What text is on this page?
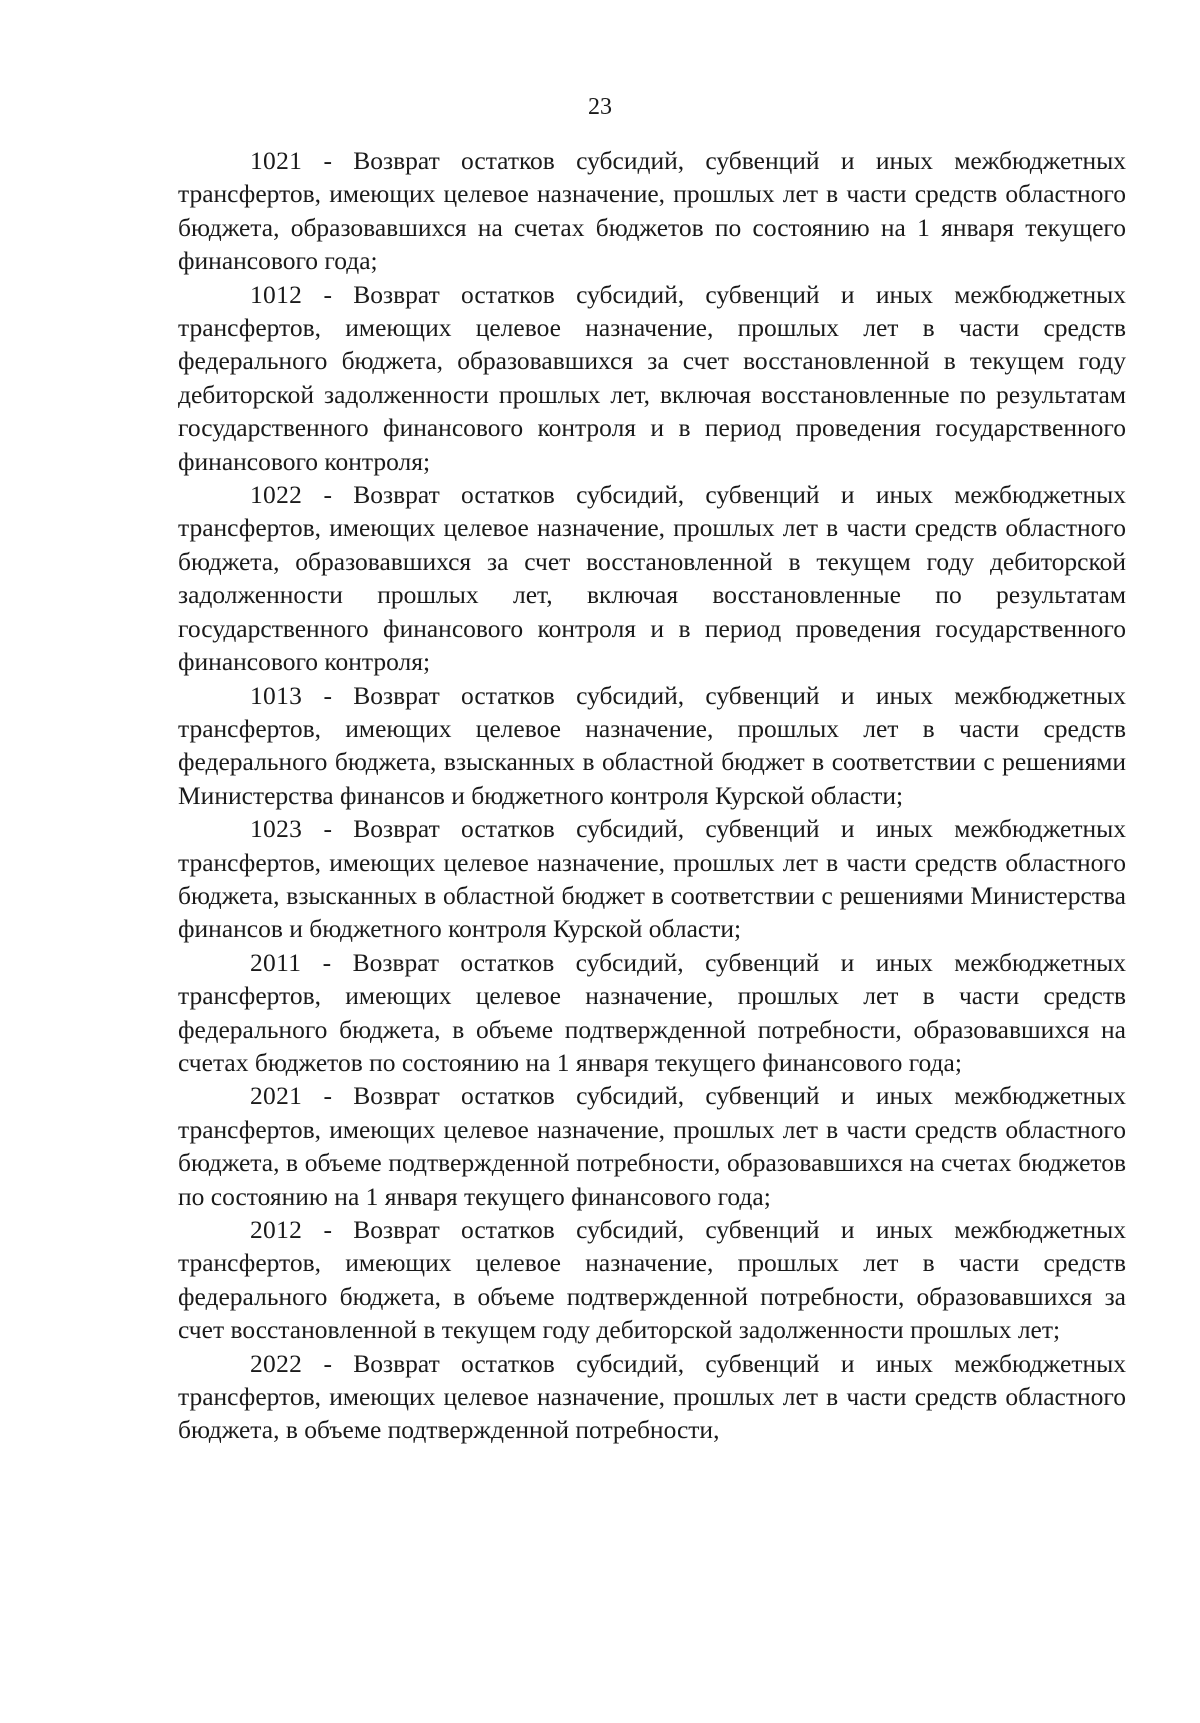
23

1021 - Возврат остатков субсидий, субвенций и иных межбюджетных трансфертов, имеющих целевое назначение, прошлых лет в части средств областного бюджета, образовавшихся на счетах бюджетов по состоянию на 1 января текущего финансового года;

1012 - Возврат остатков субсидий, субвенций и иных межбюджетных трансфертов, имеющих целевое назначение, прошлых лет в части средств федерального бюджета, образовавшихся за счет восстановленной в текущем году дебиторской задолженности прошлых лет, включая восстановленные по результатам государственного финансового контроля и в период проведения государственного финансового контроля;

1022 - Возврат остатков субсидий, субвенций и иных межбюджетных трансфертов, имеющих целевое назначение, прошлых лет в части средств областного бюджета, образовавшихся за счет восстановленной в текущем году дебиторской задолженности прошлых лет, включая восстановленные по результатам государственного финансового контроля и в период проведения государственного финансового контроля;

1013 - Возврат остатков субсидий, субвенций и иных межбюджетных трансфертов, имеющих целевое назначение, прошлых лет в части средств федерального бюджета, взысканных в областной бюджет в соответствии с решениями Министерства финансов и бюджетного контроля Курской области;

1023 - Возврат остатков субсидий, субвенций и иных межбюджетных трансфертов, имеющих целевое назначение, прошлых лет в части средств областного бюджета, взысканных в областной бюджет в соответствии с решениями Министерства финансов и бюджетного контроля Курской области;

2011 - Возврат остатков субсидий, субвенций и иных межбюджетных трансфертов, имеющих целевое назначение, прошлых лет в части средств федерального бюджета, в объеме подтвержденной потребности, образовавшихся на счетах бюджетов по состоянию на 1 января текущего финансового года;

2021 - Возврат остатков субсидий, субвенций и иных межбюджетных трансфертов, имеющих целевое назначение, прошлых лет в части средств областного бюджета, в объеме подтвержденной потребности, образовавшихся на счетах бюджетов по состоянию на 1 января текущего финансового года;

2012 - Возврат остатков субсидий, субвенций и иных межбюджетных трансфертов, имеющих целевое назначение, прошлых лет в части средств федерального бюджета, в объеме подтвержденной потребности, образовавшихся за счет восстановленной в текущем году дебиторской задолженности прошлых лет;

2022 - Возврат остатков субсидий, субвенций и иных межбюджетных трансфертов, имеющих целевое назначение, прошлых лет в части средств областного бюджета, в объеме подтвержденной потребности,
